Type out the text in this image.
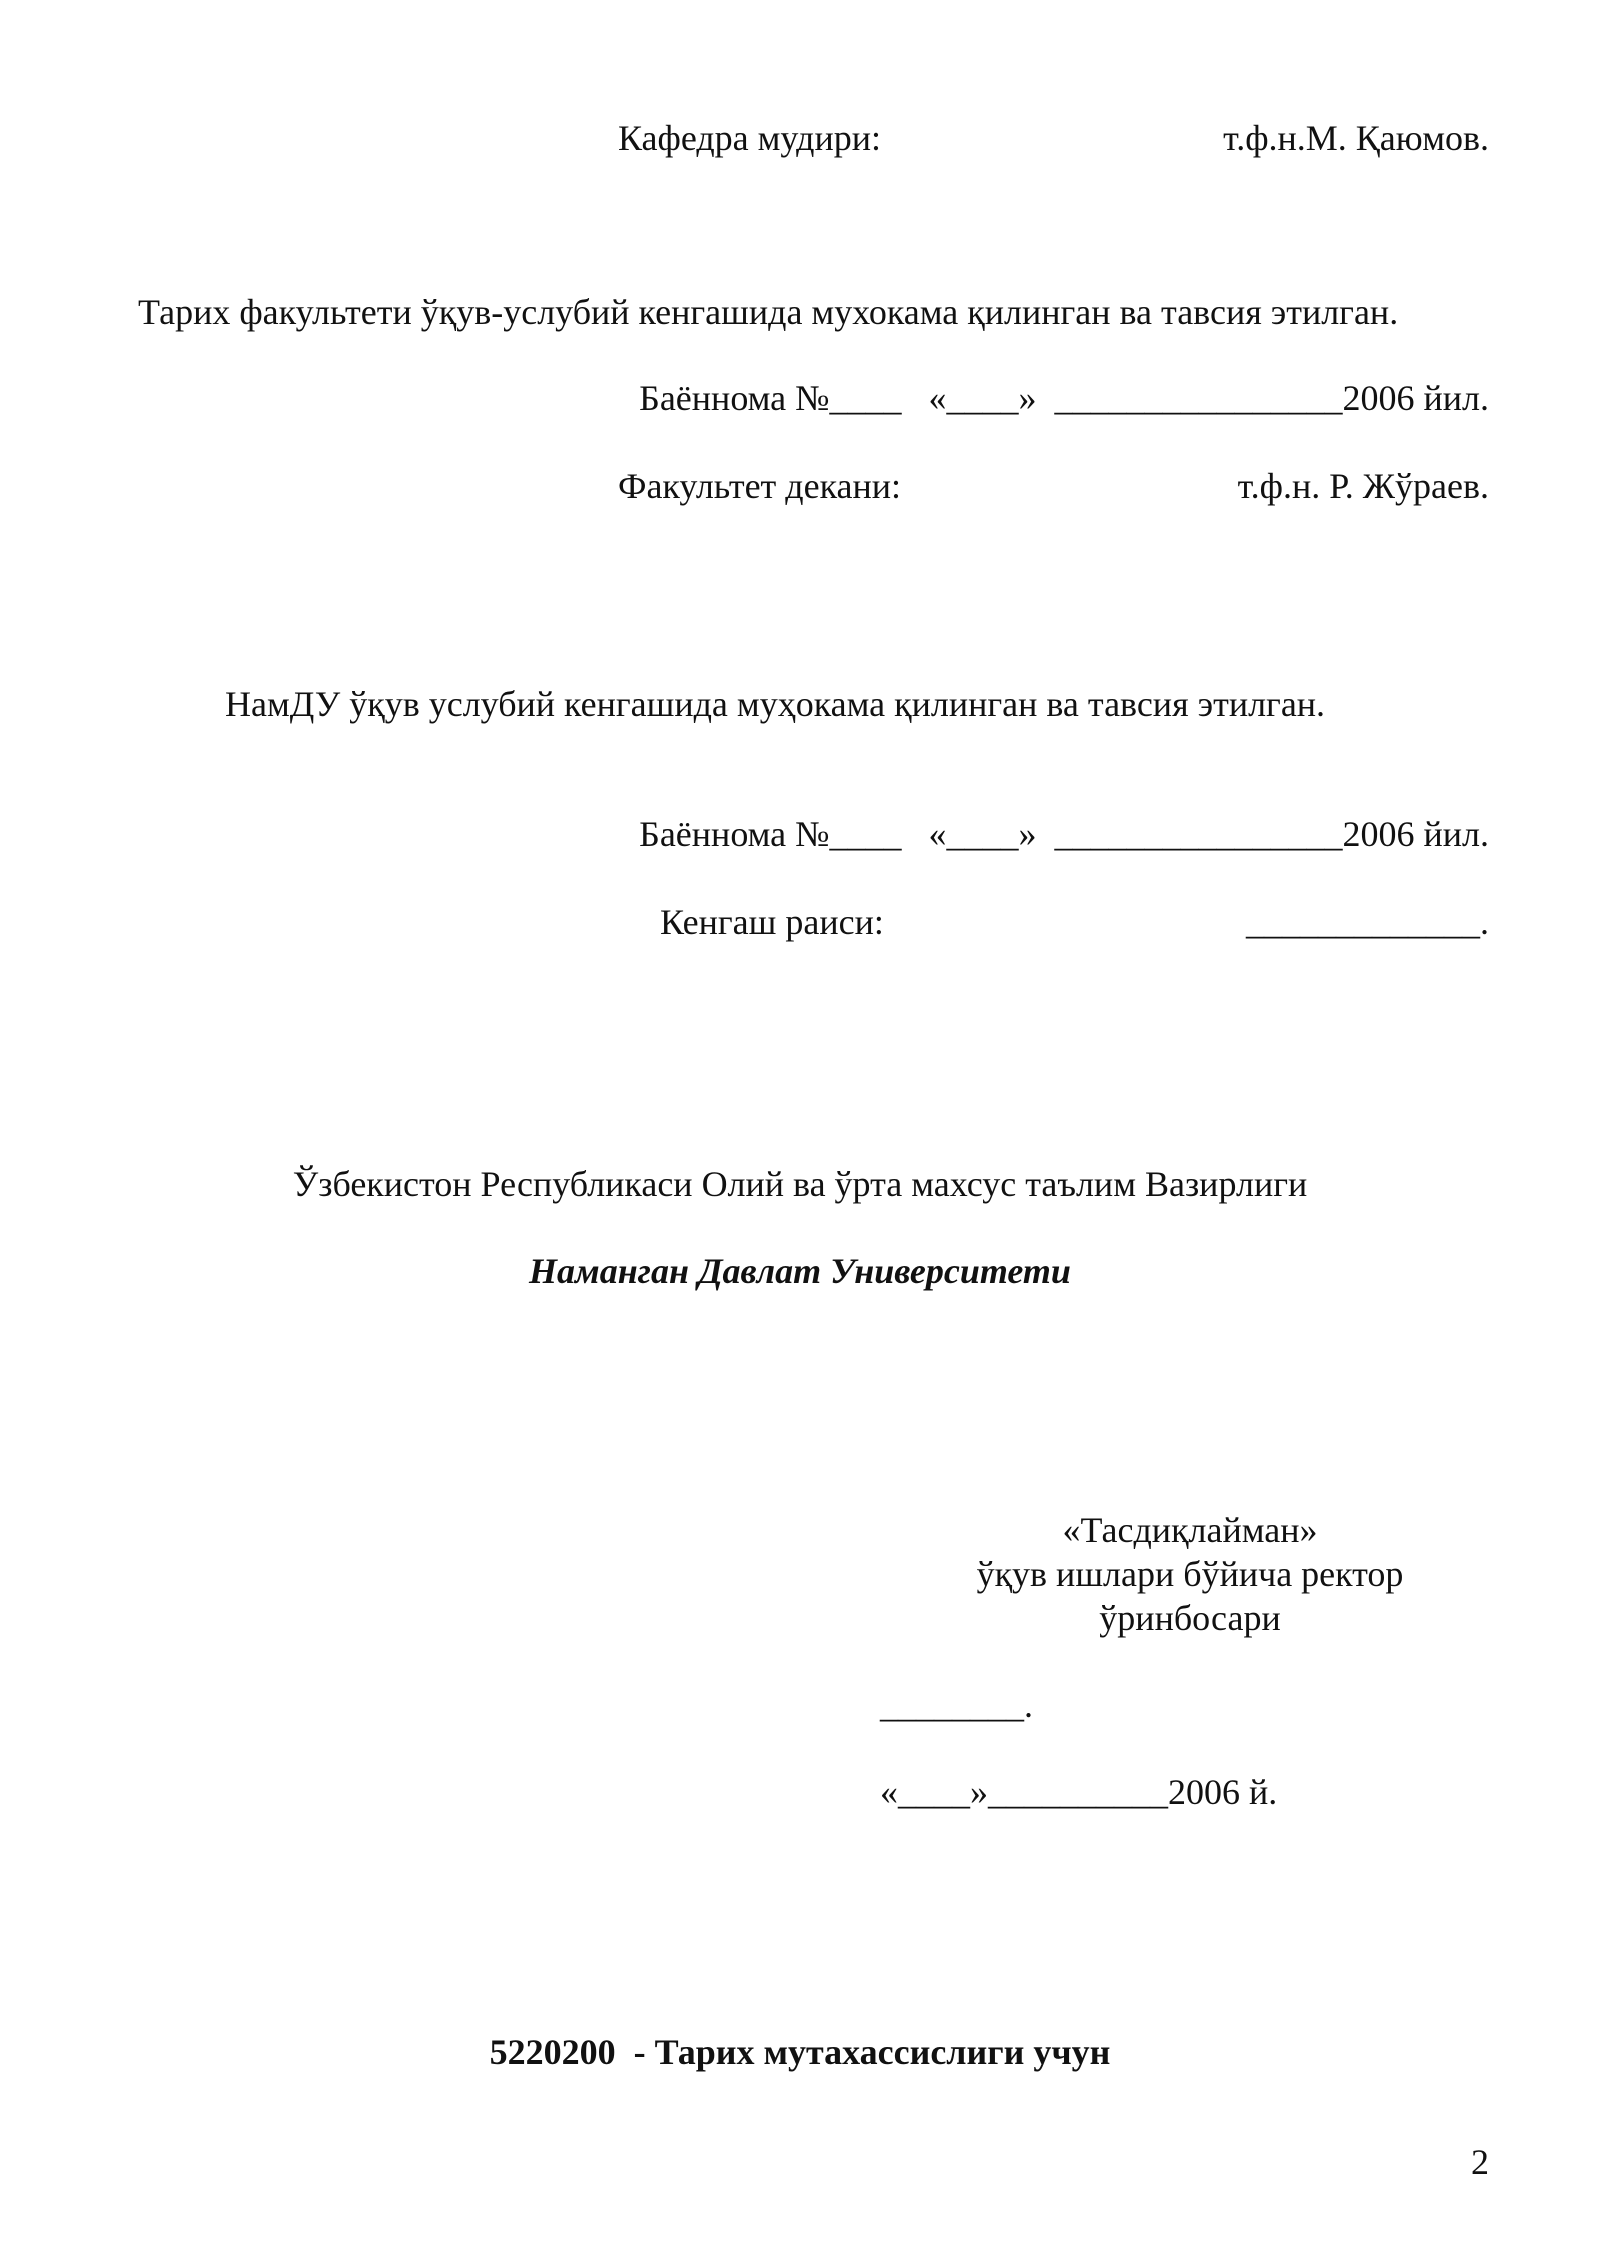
Кафедра мудири:	т.ф.н.М. Қаюмов.
Тарих факультети ўқув-услубий кенгашида мухокама қилинган ва тавсия этилган.
Баённома №____   «____»  ________________2006 йил.
Факультет декани:	т.ф.н. Р. Жўраев.
НамДУ ўқув услубий кенгашида муҳокама қилинган ва тавсия этилган.
Баённома №____   «____»  ________________2006 йил.
Кенгаш раиси:	_____________.
Ўзбекистон Республикаси Олий ва ўрта махсус таълим Вазирлиги
Наманган Давлат Университети
«Тасдиқлайман»
ўқув ишлари бўйича ректор
ўринбосари
________.
«____»__________2006 й.
5220200  - Тарих мутахассислиги учун
2
